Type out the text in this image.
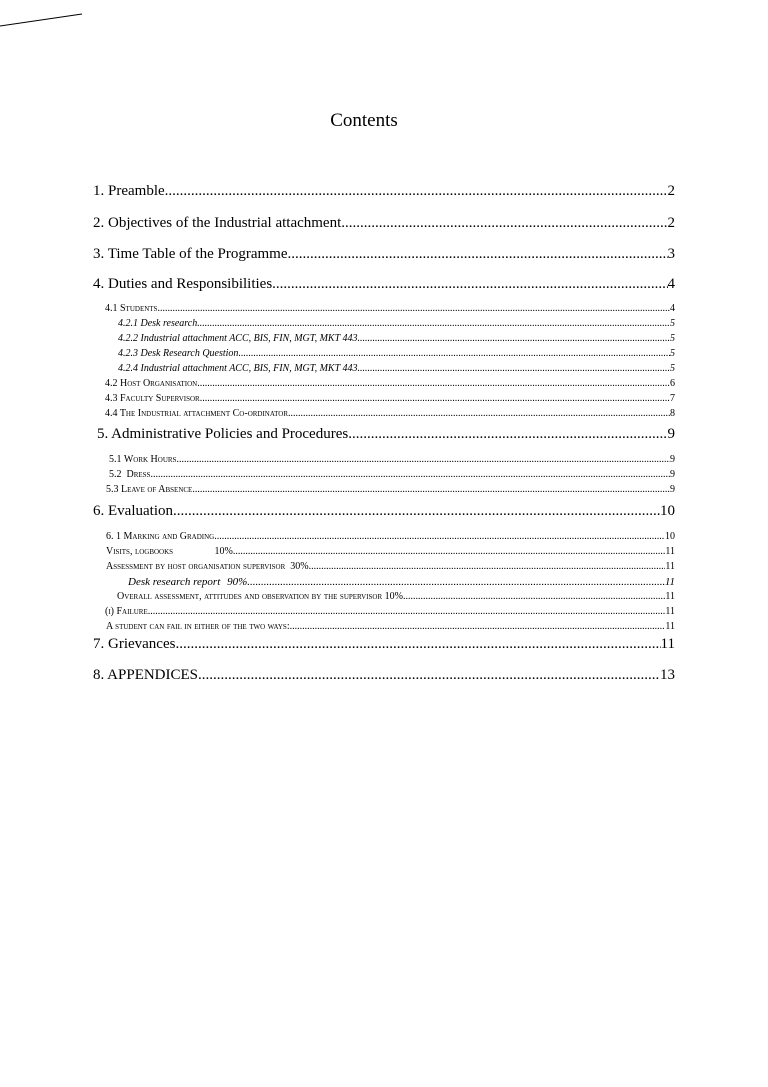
Contents
1. Preamble .....	2
2. Objectives of the Industrial attachment .....	2
3. Time Table of the Programme .....	3
4. Duties and Responsibilities .....	4
4.1 Students .....	4
4.2.1 Desk research .....	5
4.2.2 Industrial attachment ACC, BIS, FIN, MGT, MKT 443. .....	5
4.2.3 Desk Research Question .....	5
4.2.4 Industrial attachment ACC, BIS, FIN, MGT, MKT 443. .....	5
4.2 Host Organisation .....	6
4.3 Faculty Supervisor .....	7
4.4 The Industrial attachment Co-ordinator .....	8
5. Administrative Policies and Procedures .....	9
5.1 Work Hours .....	9
5.2  Dress .....	9
5.3 Leave of Absence .....	9
6. Evaluation .....	10
6. 1 Marking and Grading .....	10
Visits, logbooks	10% .....	11
Assessment by host organisation supervisor  30% .....	11
Desk research report 90% .....	11
Overall assessment, attitudes and observation by the supervisor 10% .....	11
(i) Failure .....	11
A student can fail in either of the two ways: .....	11
7. Grievances .....	11
8. APPENDICES .....	13
